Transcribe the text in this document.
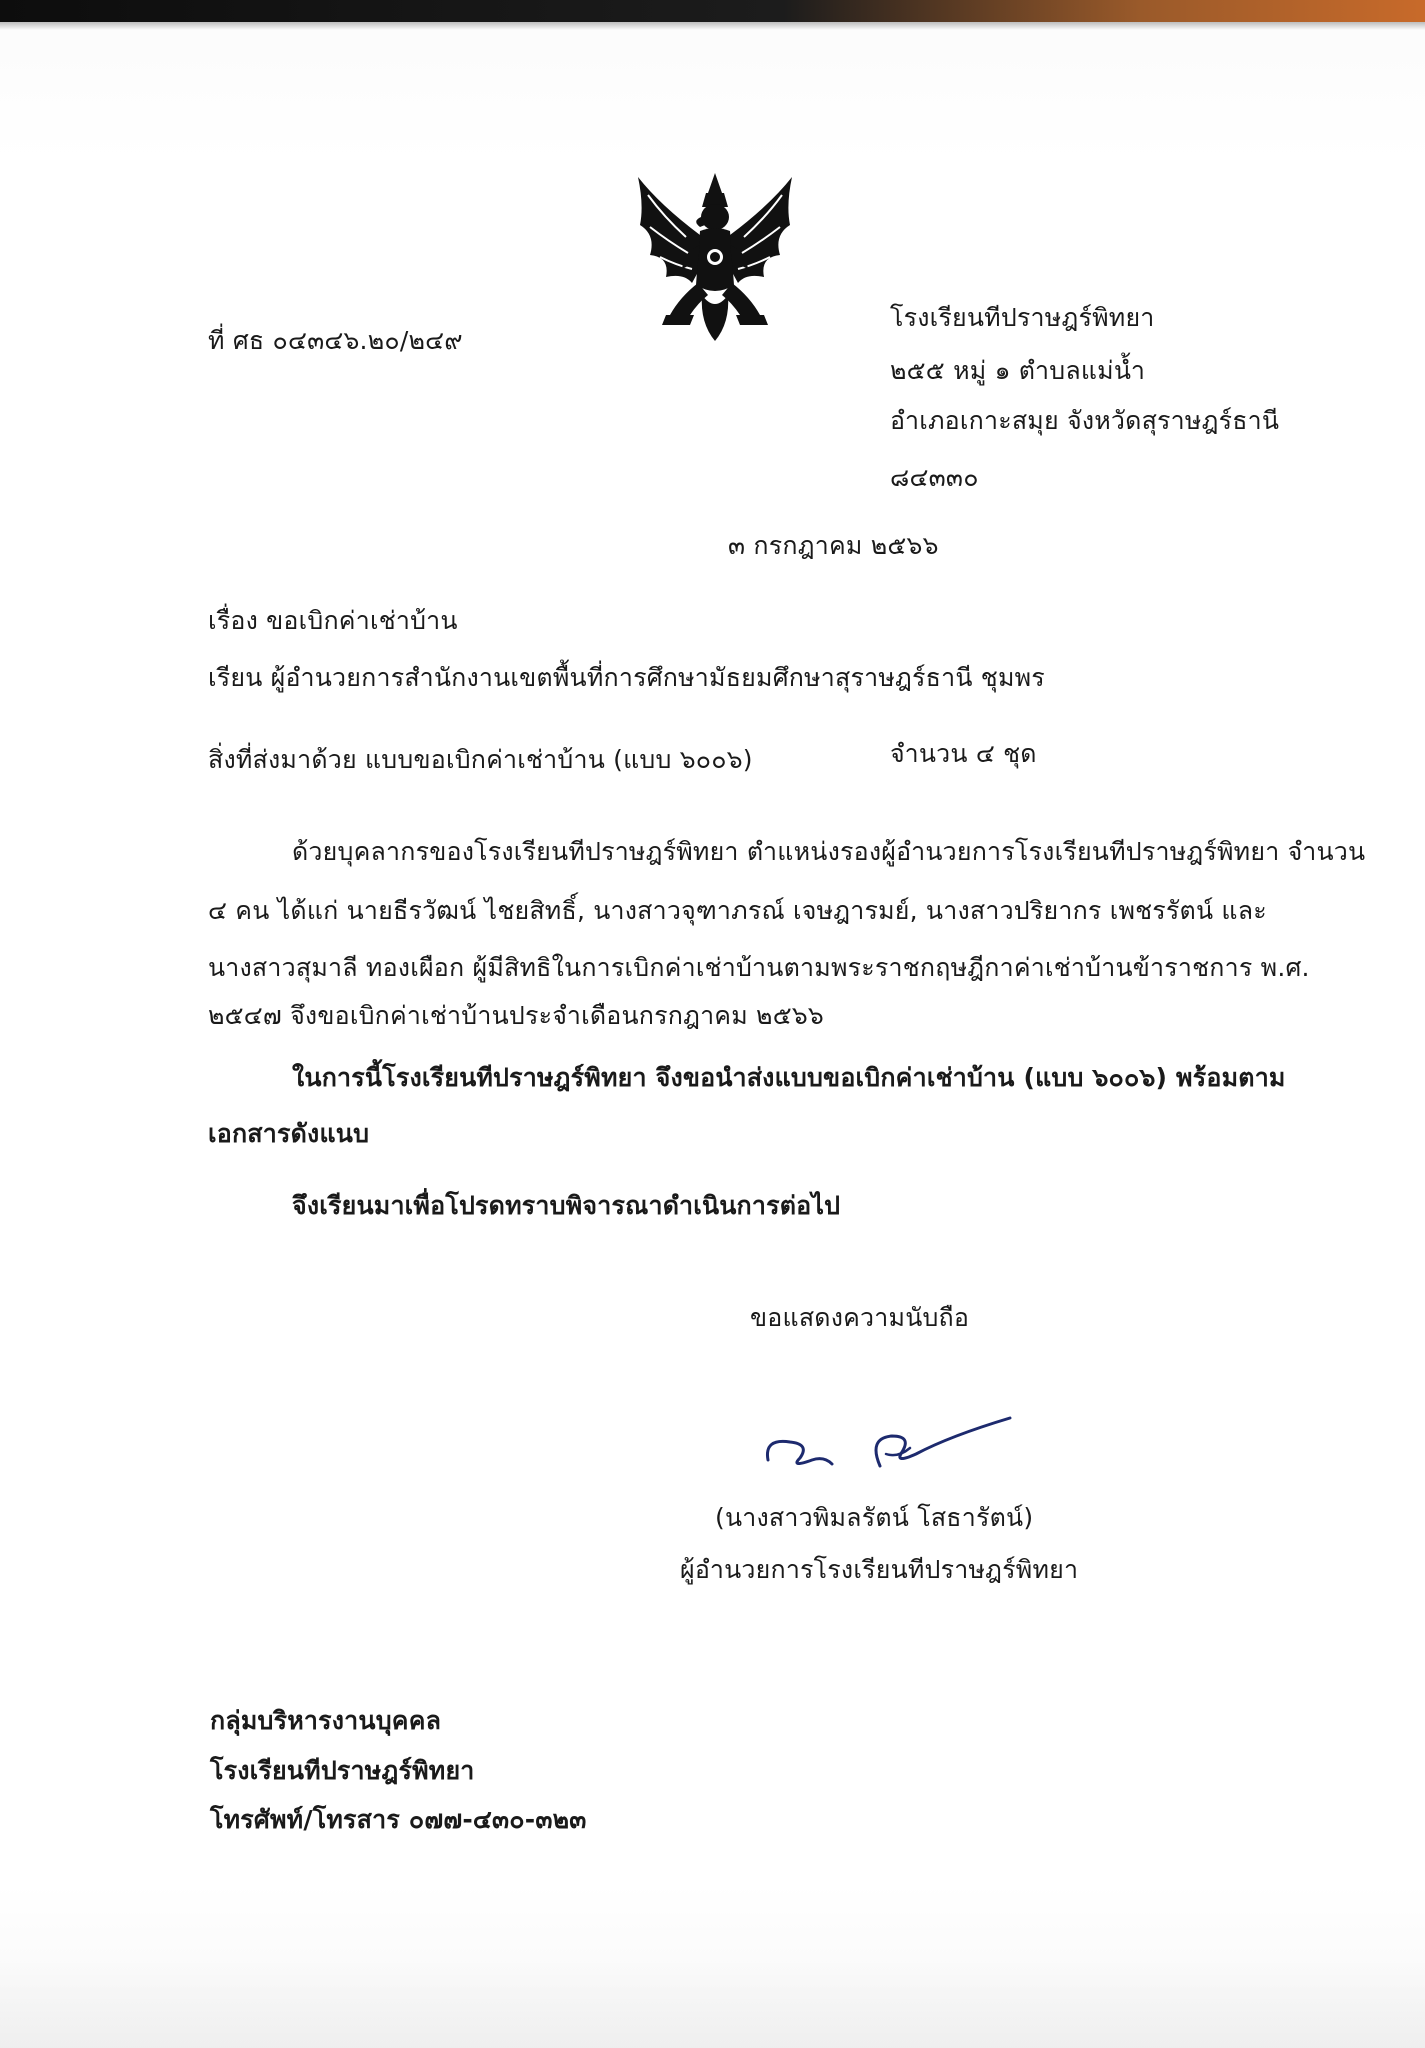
ที่ ศธ ๐๔๓๔๖.๒๐/๒๔๙
โรงเรียนทีปราษฎร์พิทยา
๒๕๕ หมู่ ๑ ตำบลแม่น้ำ
อำเภอเกาะสมุย จังหวัดสุราษฎร์ธานี
๘๔๓๓๐
๓ กรกฎาคม ๒๕๖๖
เรื่อง ขอเบิกค่าเช่าบ้าน
เรียน ผู้อำนวยการสำนักงานเขตพื้นที่การศึกษามัธยมศึกษาสุราษฎร์ธานี ชุมพร
สิ่งที่ส่งมาด้วย แบบขอเบิกค่าเช่าบ้าน (แบบ ๖๐๐๖)	จำนวน ๔ ชุด
ด้วยบุคลากรของโรงเรียนทีปราษฎร์พิทยา ตำแหน่งรองผู้อำนวยการโรงเรียนทีปราษฎร์พิทยา จำนวน
๔ คน ได้แก่ นายธีรวัฒน์ ไชยสิทธิ์, นางสาวจุฑาภรณ์ เจษฎารมย์, นางสาวปริยากร เพชรรัตน์ และ
นางสาวสุมาลี ทองเผือก ผู้มีสิทธิในการเบิกค่าเช่าบ้านตามพระราชกฤษฎีกาค่าเช่าบ้านข้าราชการ พ.ศ.
๒๕๔๗ จึงขอเบิกค่าเช่าบ้านประจำเดือนกรกฎาคม ๒๕๖๖
ในการนี้โรงเรียนทีปราษฎร์พิทยา จึงขอนำส่งแบบขอเบิกค่าเช่าบ้าน (แบบ ๖๐๐๖) พร้อมตาม
เอกสารดังแนบ
จึงเรียนมาเพื่อโปรดทราบพิจารณาดำเนินการต่อไป
ขอแสดงความนับถือ
(นางสาวพิมลรัตน์ โสธารัตน์)
ผู้อำนวยการโรงเรียนทีปราษฎร์พิทยา
กลุ่มบริหารงานบุคคล
โรงเรียนทีปราษฎร์พิทยา
โทรศัพท์/โทรสาร ๐๗๗-๔๓๐-๓๒๓
